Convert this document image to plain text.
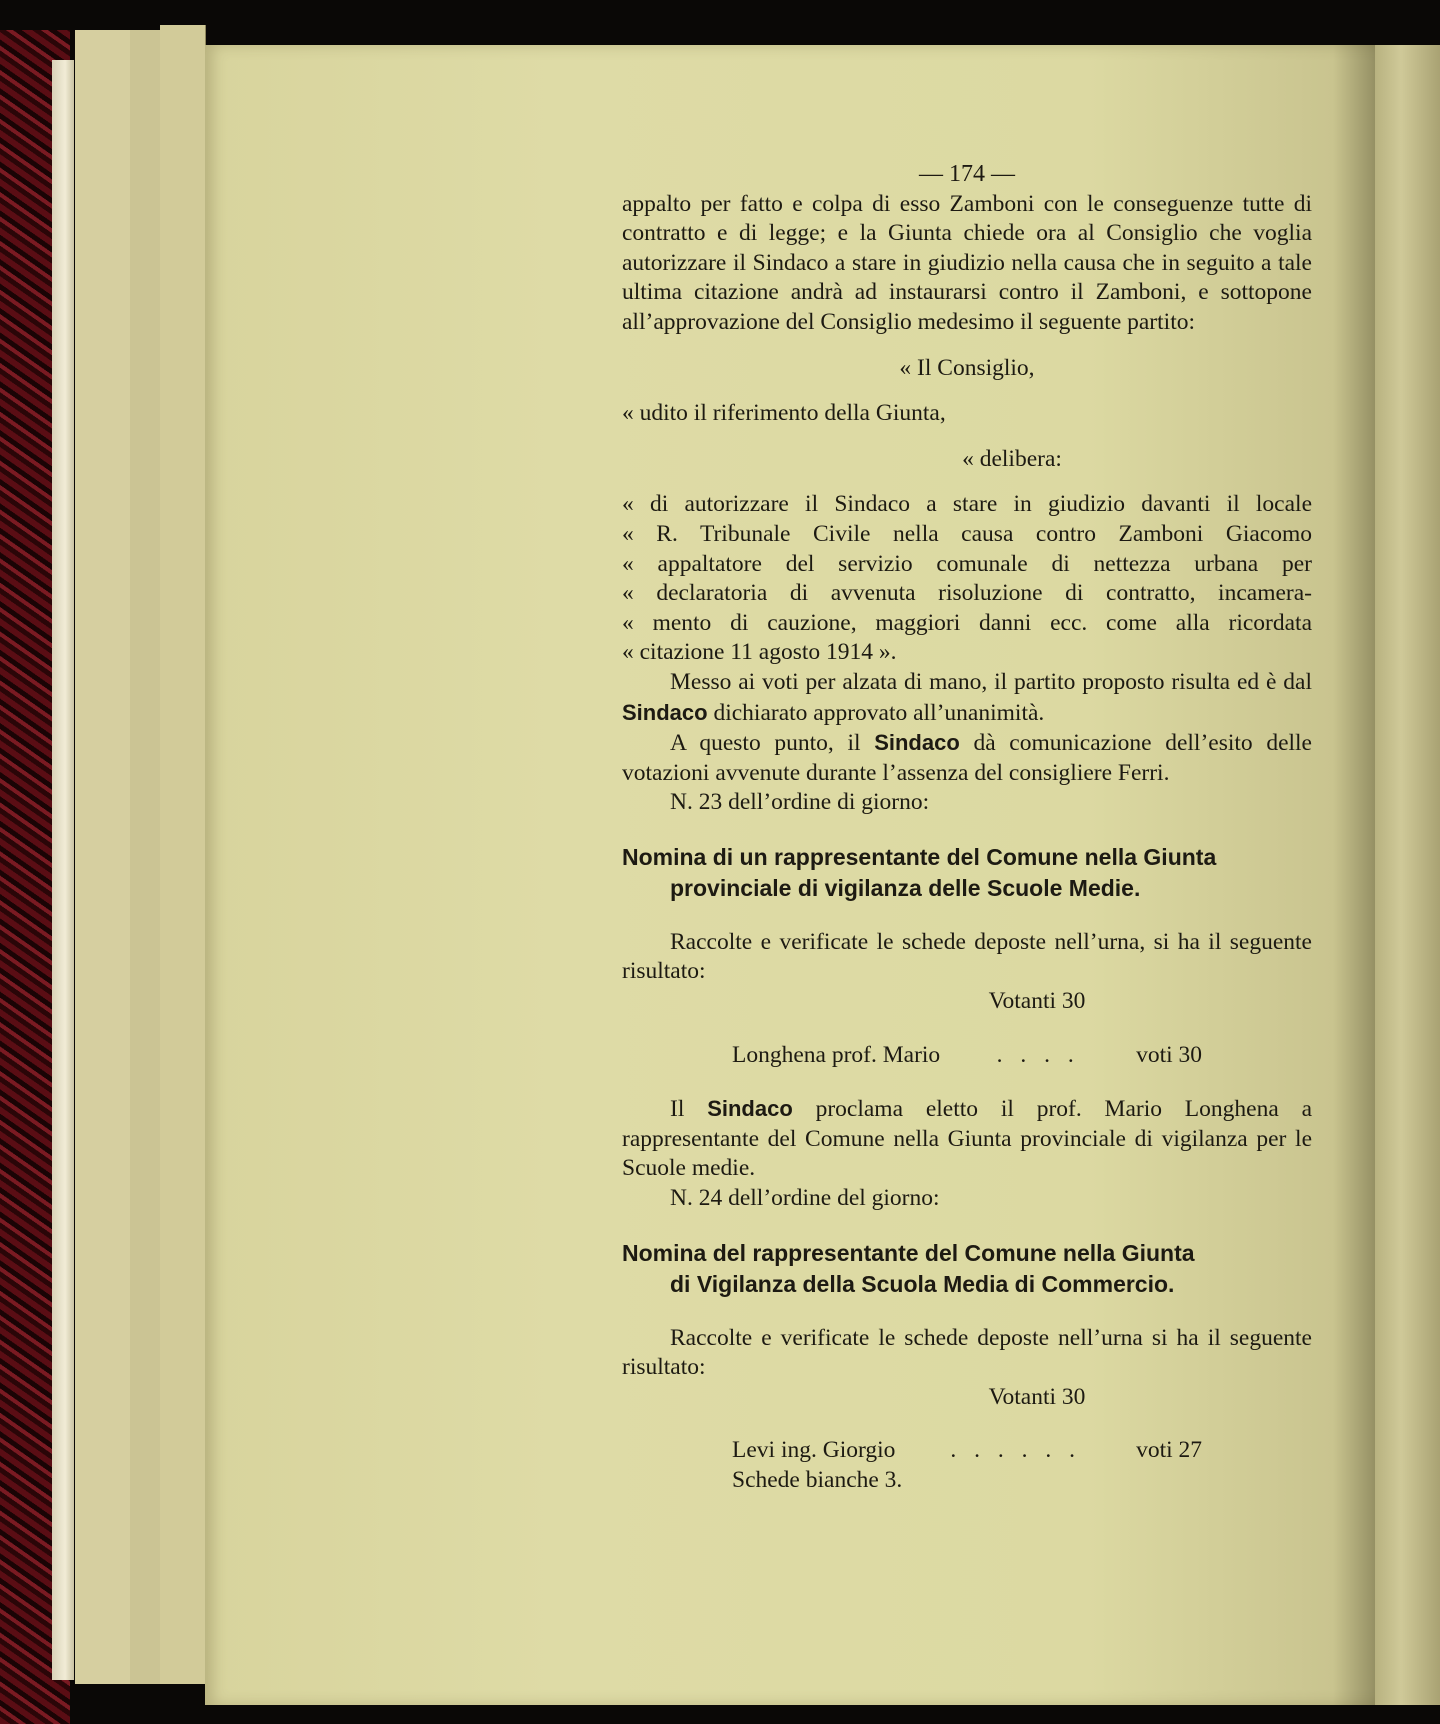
— 174 —

appalto per fatto e colpa di esso Zamboni con le conseguenze tutte di contratto e di legge; e la Giunta chiede ora al Consiglio che voglia autorizzare il Sindaco a stare in giudizio nella causa che in seguito a tale ultima citazione andrà ad instaurarsi contro il Zamboni, e sottopone all’approvazione del Consiglio medesimo il seguente partito:

« Il Consiglio,

« udito il riferimento della Giunta,

« delibera:

« di autorizzare il Sindaco a stare in giudizio davanti il locale

« R. Tribunale Civile nella causa contro Zamboni Giacomo

« appaltatore del servizio comunale di nettezza urbana per

« declaratoria di avvenuta risoluzione di contratto, incamera-

« mento di cauzione, maggiori danni ecc. come alla ricordata

« citazione 11 agosto 1914 ».

Messo ai voti per alzata di mano, il partito proposto risulta ed è dal Sindaco dichiarato approvato all’unanimità.

A questo punto, il Sindaco dà comunicazione dell’esito delle votazioni avvenute durante l’assenza del consigliere Ferri.

N. 23 dell’ordine di giorno:

Nomina di un rappresentante del Comune nella Giunta
provinciale di vigilanza delle Scuole Medie.

Raccolte e verificate le schede deposte nell’urna, si ha il seguente risultato:

Votanti 30

Longhena prof. Mario	. . . .	voti 30

Il Sindaco proclama eletto il prof. Mario Longhena a rappresentante del Comune nella Giunta provinciale di vigilanza per le Scuole medie.

N. 24 dell’ordine del giorno:

Nomina del rappresentante del Comune nella Giunta
di Vigilanza della Scuola Media di Commercio.

Raccolte e verificate le schede deposte nell’urna si ha il seguente risultato:

Votanti 30

Levi ing. Giorgio	. . . . . .	voti 27

Schede bianche 3.
